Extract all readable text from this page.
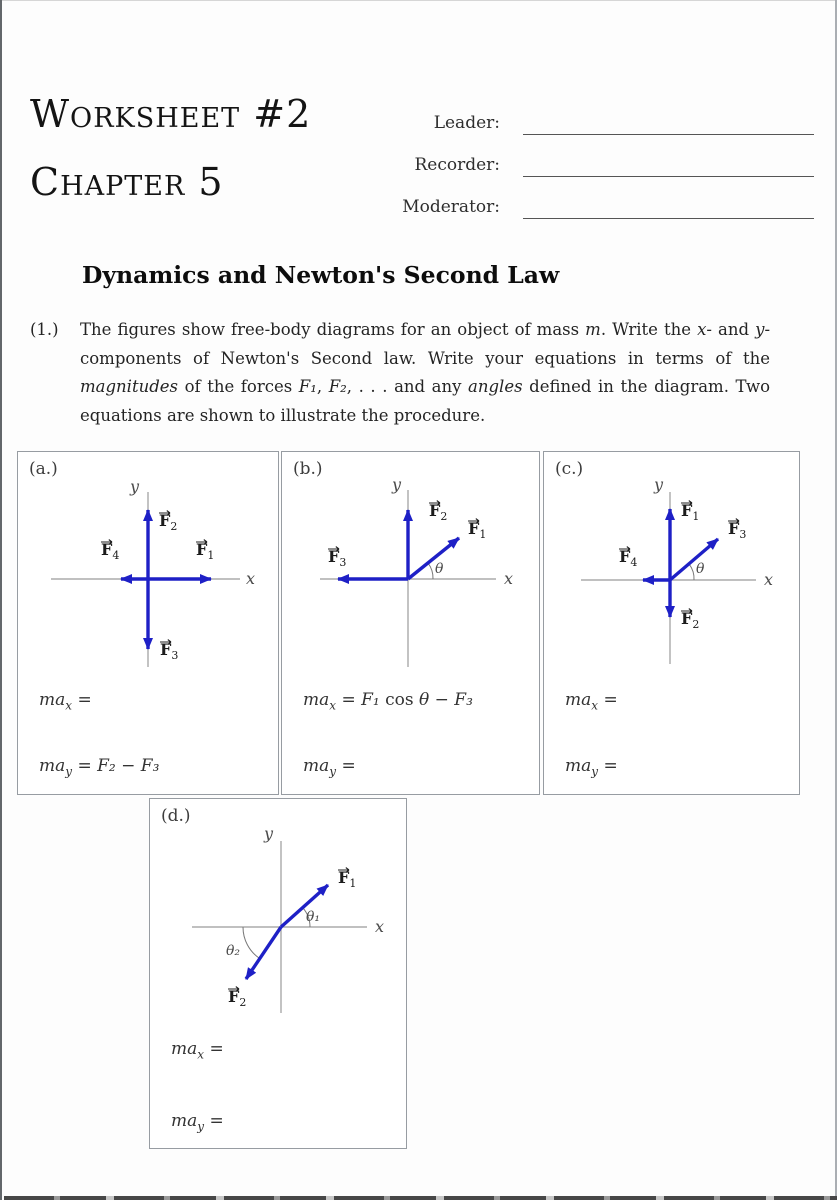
Worksheet #2
Chapter 5
Leader:
Recorder:
Moderator:
Dynamics and Newton's Second Law
(1.)	The figures show free-body diagrams for an object of mass m. Write the x- and y-components of Newton's Second law. Write your equations in terms of the magnitudes of the forces F₁, F₂, . . . and any angles defined in the diagram. Two equations are shown to illustrate the procedure.
(a.)
x
y
$F_2$
$F_1$
$F_4$
$F_3$
$ma_x$ =
$ma_y = F_2 - F_3$
(b.)
x
y
θ
$F_2$
$F_1$
$F_3$
$ma_x = F_1$ cos θ − F₃
$ma_y$ =
(c.)
x
y
θ
$F_1$
$F_3$
$F_4$
$F_2$
$ma_x$ =
$ma_y$ =
(d.)
x
y
θ₁
θ₂
$F_1$
$F_2$
$ma_x$ =
$ma_y$ =
